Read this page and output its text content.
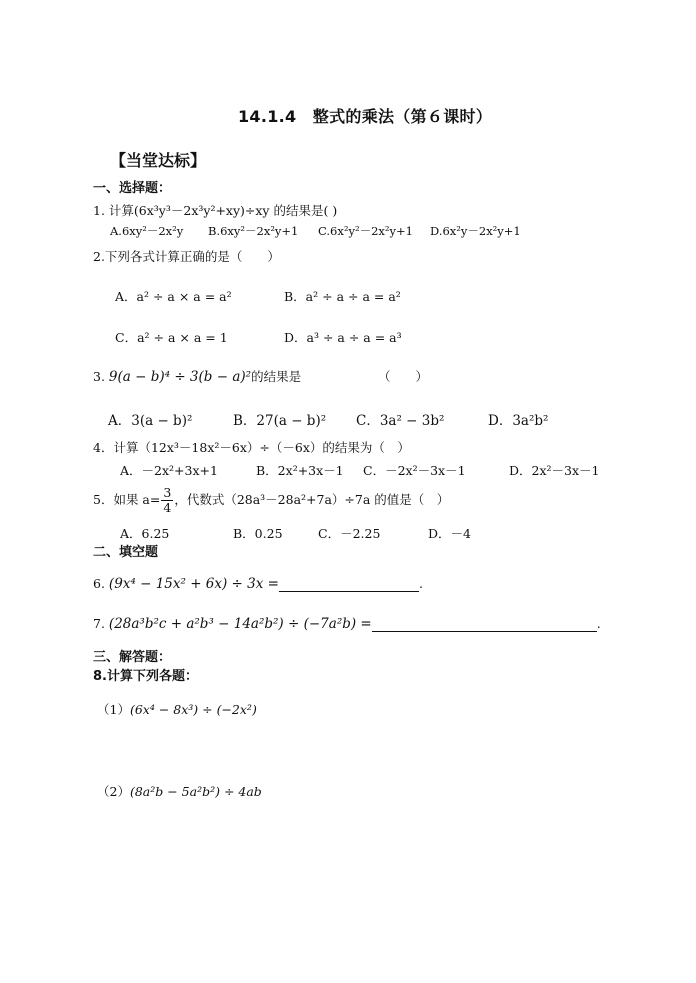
14.1.4　整式的乘法（第６课时）
【当堂达标】
一、选择题：
1. 计算(6x³y³－2x³y²+xy)÷xy 的结果是( )
A.6xy²－2x²y B.6xy²－2x²y+1 C.6x²y²－2x²y+1 D.6x²y－2x²y+1
2.下列各式计算正确的是（　　）
A．a² ÷ a × a = a²	B．a² ÷ a ÷ a = a²
C．a² ÷ a × a = 1	D．a³ ÷ a ÷ a = a³
3. 9(a − b)⁴ ÷ 3(b − a)²的结果是	（　　）
A．3(a − b)²	B．27(a − b)² C．3a² − 3b²	D．3a²b²
4．计算（12x³－18x²－6x）÷（－6x）的结果为（　）
A．－2x²+3x+1	B．2x²+3x－1 C．－2x²－3x－1	D．2x²－3x－1
5．如果 $a= \frac{3}{4}$ ，代数式（28a³－28a²+7a）÷7a 的值是（　）
A．6.25	B．0.25	C．－2.25	D．－4
二、填空题
6. (9x⁴ − 15x² + 6x) ÷ 3x =	.
7. (28a³b²c + a²b³ − 14a²b²) ÷ (−7a²b) =	.
三、解答题：
8.计算下列各题：
（1）(6x⁴ − 8x³) ÷ (−2x²)
（2）(8a²b − 5a²b²) ÷ 4ab
